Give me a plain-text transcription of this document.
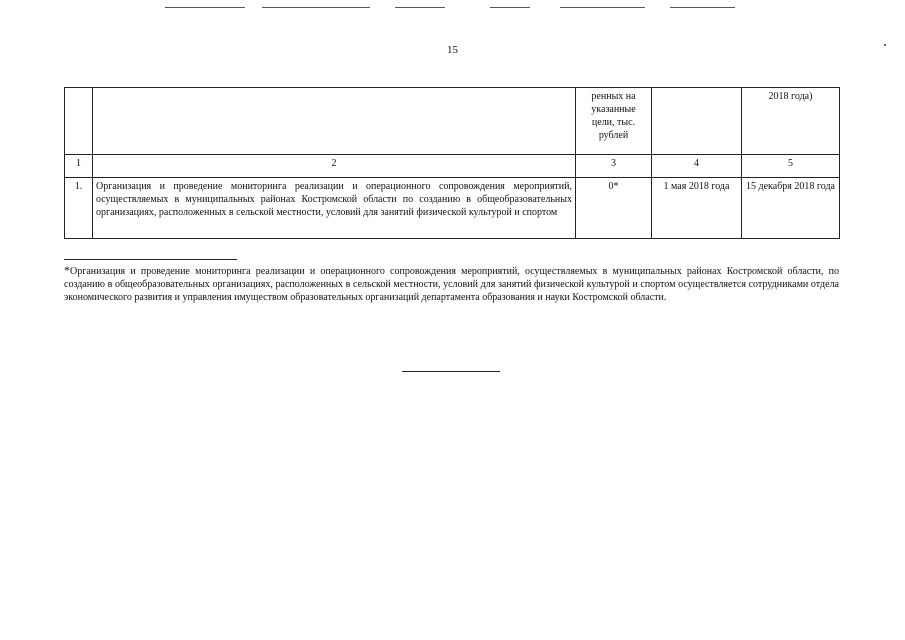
15
		ренных на указанные цели, тыс. рублей		2018 года)
1	2	3	4	5
1.	Организация и проведение мониторинга реализации и операционного сопровождения мероприятий, осуществляемых в муниципальных районах Костромской области по созданию в общеобразовательных организациях, расположенных в сельской местности, условий для занятий физической культурой и спортом	0*	1 мая 2018 года	15 декабря 2018 года
*Организация и проведение мониторинга реализации и операционного сопровождения мероприятий, осуществляемых в муниципальных районах Костромской области, по созданию в общеобразовательных организациях, расположенных в сельской местности, условий для занятий физической культурой и спортом осуществляется сотрудниками отдела экономического развития и управления имуществом образовательных организаций департамента образования и науки Костромской области.
